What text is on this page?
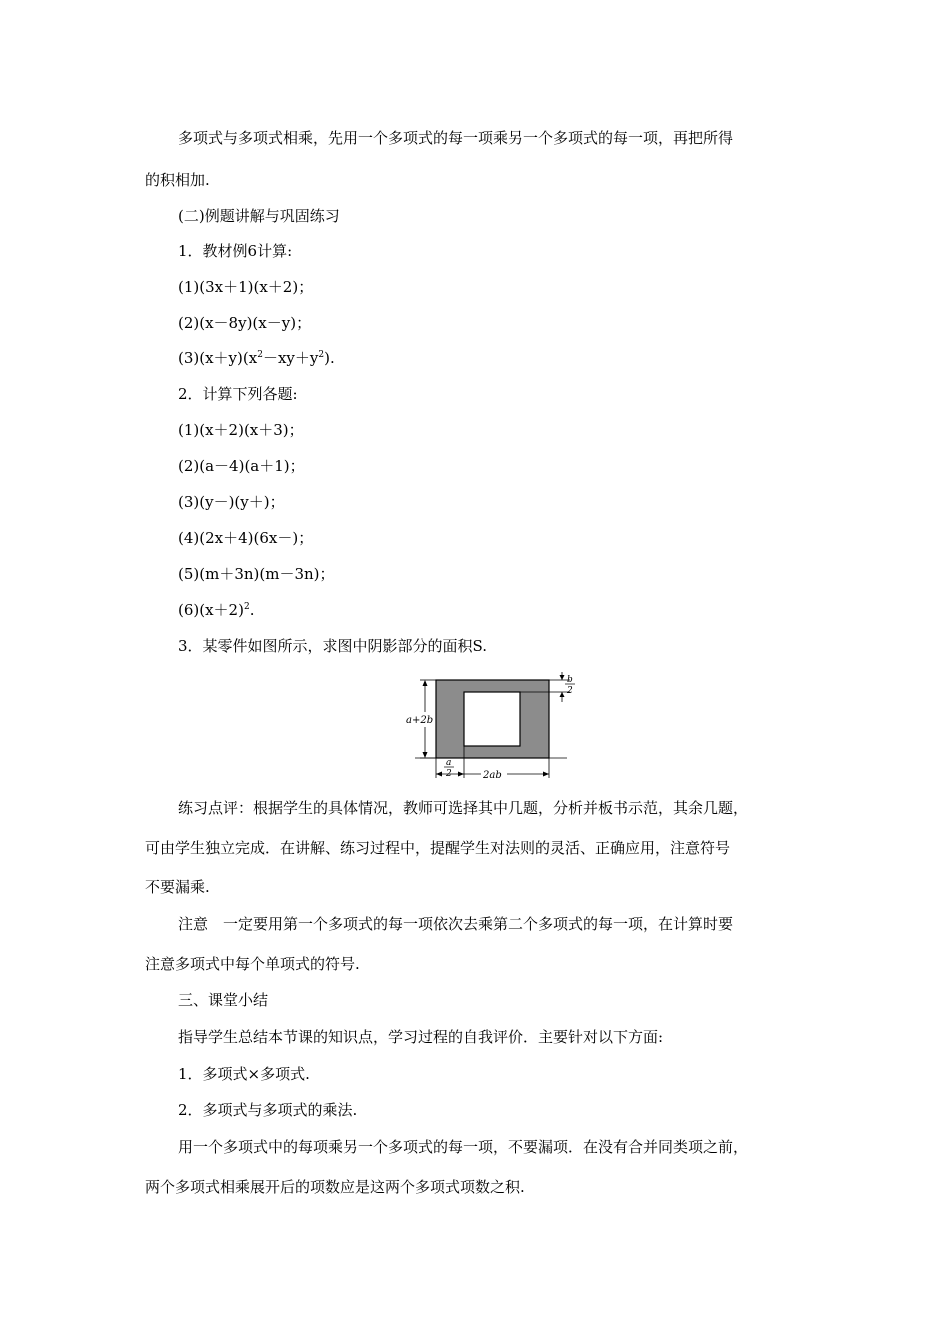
多项式与多项式相乘，先用一个多项式的每一项乘另一个多项式的每一项，再把所得
的积相加.
(二)例题讲解与巩固练习
1．教材例6计算:
(1)(3x＋1)(x＋2)；
(2)(x－8y)(x－y)；
$(3)(x+y)(x^2-xy+y^2)$.
2．计算下列各题:
(1)(x＋2)(x＋3)；
(2)(a－4)(a＋1)；
(3)(y－)(y＋)；
(4)(2x＋4)(6x－)；
(5)(m＋3n)(m－3n)；
$(6)(x+2)^2$.
3．某零件如图所示，求图中阴影部分的面积S.
a+2b
b
2
a
2	2ab
练习点评：根据学生的具体情况，教师可选择其中几题，分析并板书示范，其余几题，
可由学生独立完成．在讲解、练习过程中，提醒学生对法则的灵活、正确应用，注意符号
不要漏乘.
注意　一定要用第一个多项式的每一项依次去乘第二个多项式的每一项，在计算时要
注意多项式中每个单项式的符号.
三、课堂小结
指导学生总结本节课的知识点，学习过程的自我评价．主要针对以下方面:
1．多项式×多项式.
2．多项式与多项式的乘法.
用一个多项式中的每项乘另一个多项式的每一项，不要漏项．在没有合并同类项之前，
两个多项式相乘展开后的项数应是这两个多项式项数之积.
